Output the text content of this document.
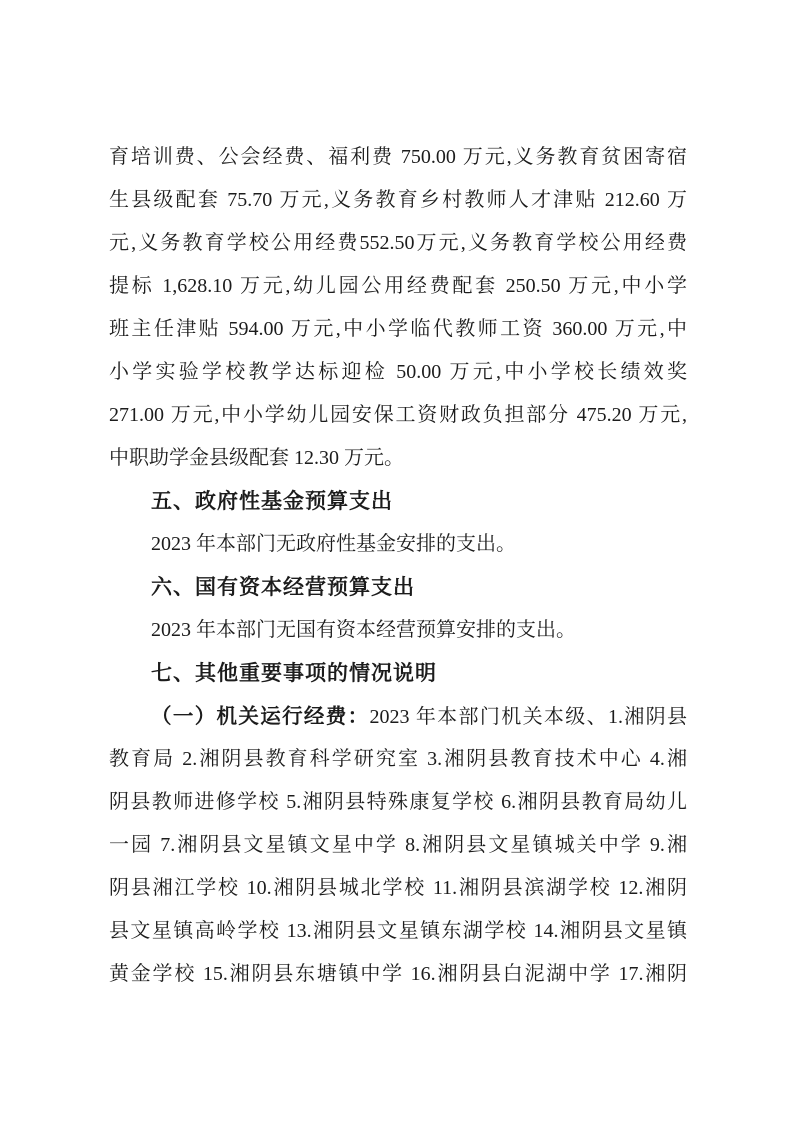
育培训费、公会经费、福利费 750.00 万元,义务教育贫困寄宿
生县级配套 75.70 万元,义务教育乡村教师人才津贴 212.60 万
元,义务教育学校公用经费552.50万元,义务教育学校公用经费
提标 1,628.10 万元,幼儿园公用经费配套 250.50 万元,中小学
班主任津贴 594.00 万元,中小学临代教师工资 360.00 万元,中
小学实验学校教学达标迎检 50.00 万元,中小学校长绩效奖
271.00 万元,中小学幼儿园安保工资财政负担部分 475.20 万元,
中职助学金县级配套 12.30 万元。
五、政府性基金预算支出
2023 年本部门无政府性基金安排的支出。
六、国有资本经营预算支出
2023 年本部门无国有资本经营预算安排的支出。
七、其他重要事项的情况说明
（一）机关运行经费：2023 年本部门机关本级、1.湘阴县
教育局 2.湘阴县教育科学研究室 3.湘阴县教育技术中心 4.湘
阴县教师进修学校 5.湘阴县特殊康复学校 6.湘阴县教育局幼儿
一园 7.湘阴县文星镇文星中学 8.湘阴县文星镇城关中学 9.湘
阴县湘江学校 10.湘阴县城北学校 11.湘阴县滨湖学校 12.湘阴
县文星镇高岭学校 13.湘阴县文星镇东湖学校 14.湘阴县文星镇
黄金学校 15.湘阴县东塘镇中学 16.湘阴县白泥湖中学 17.湘阴
